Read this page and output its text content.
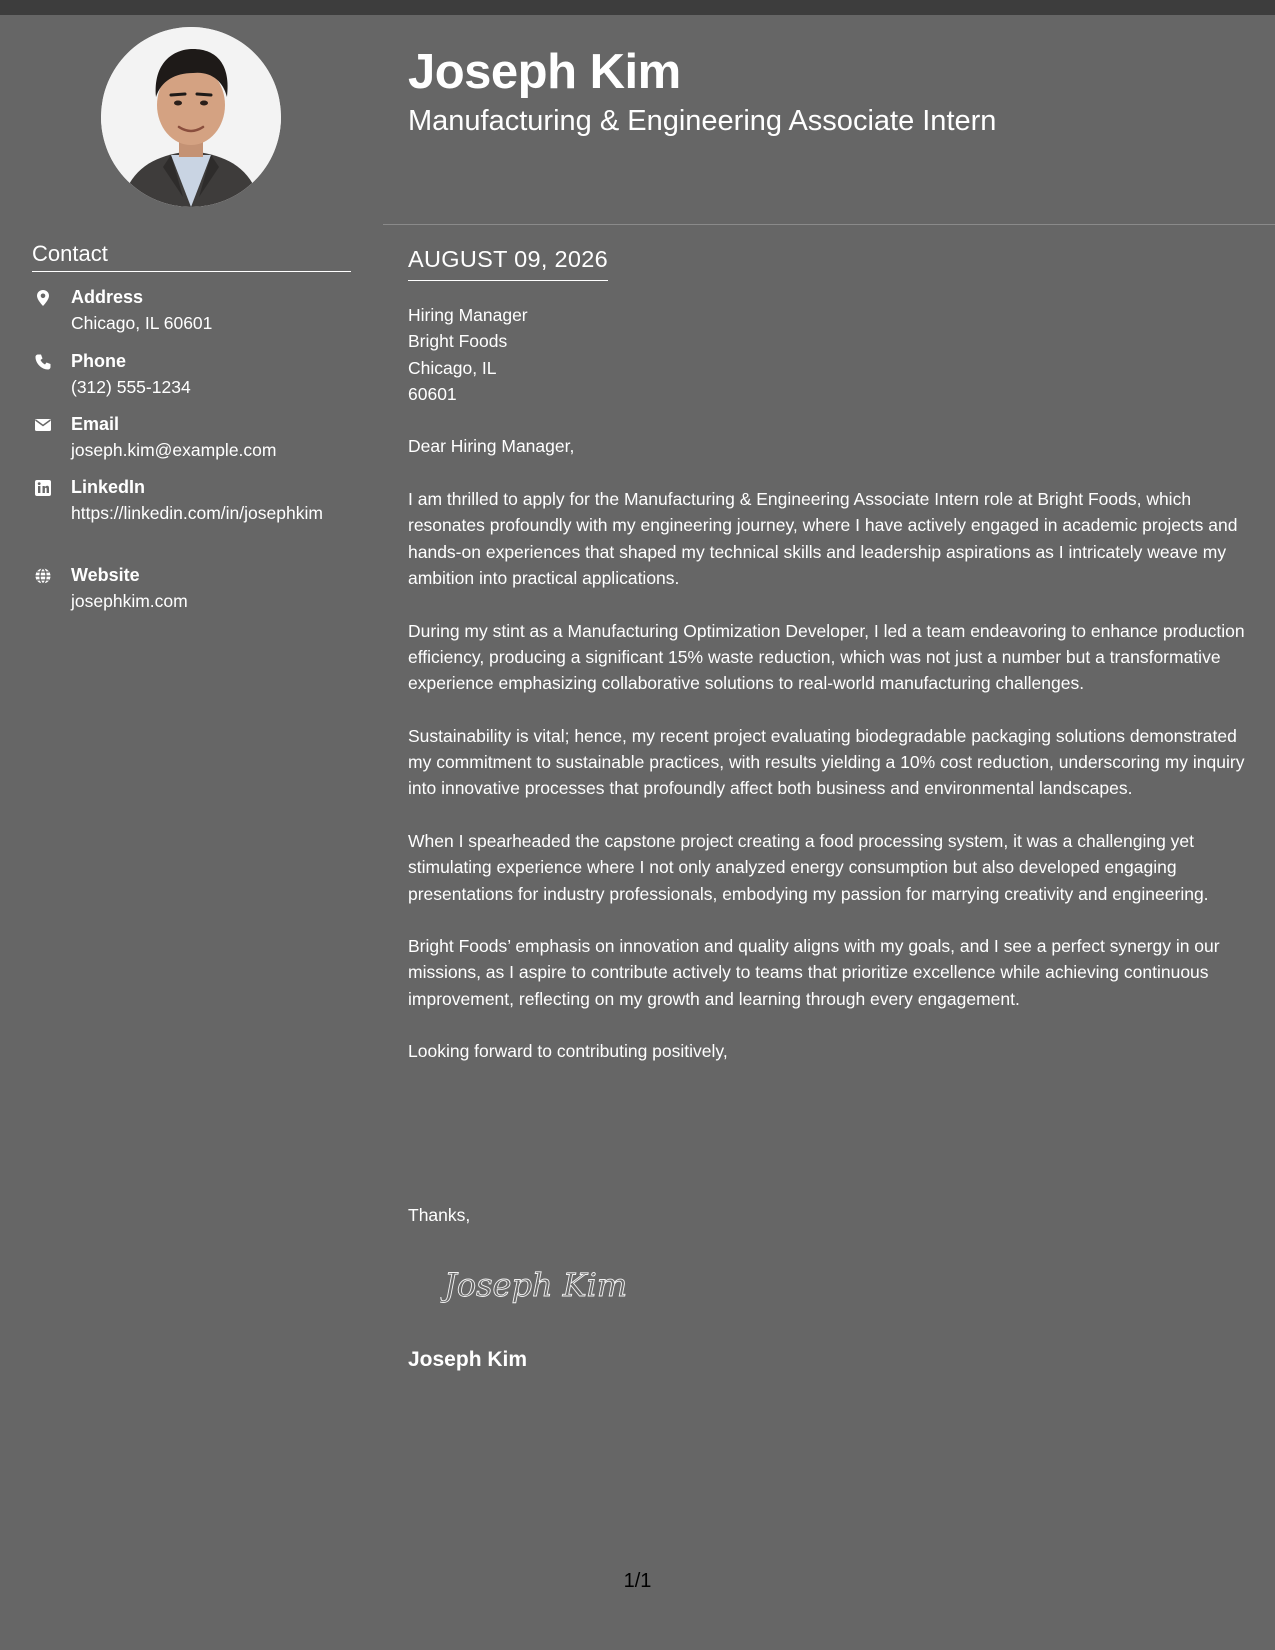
Contact
Address
Chicago, IL 60601
Phone
(312) 555-1234
Email
joseph.kim@example.com
LinkedIn
https://linkedin.com/in/josephkim
Website
josephkim.com
Joseph Kim
Manufacturing & Engineering Associate Intern
AUGUST 09, 2026
Hiring Manager
Bright Foods
Chicago, IL
60601

Dear Hiring Manager,

I am thrilled to apply for the Manufacturing & Engineering Associate Intern role at Bright Foods, which resonates profoundly with my engineering journey, where I have actively engaged in academic projects and hands-on experiences that shaped my technical skills and leadership aspirations as I intricately weave my ambition into practical applications.

During my stint as a Manufacturing Optimization Developer, I led a team endeavoring to enhance production efficiency, producing a significant 15% waste reduction, which was not just a number but a transformative experience emphasizing collaborative solutions to real-world manufacturing challenges.

Sustainability is vital; hence, my recent project evaluating biodegradable packaging solutions demonstrated my commitment to sustainable practices, with results yielding a 10% cost reduction, underscoring my inquiry into innovative processes that profoundly affect both business and environmental landscapes.

When I spearheaded the capstone project creating a food processing system, it was a challenging yet stimulating experience where I not only analyzed energy consumption but also developed engaging presentations for industry professionals, embodying my passion for marrying creativity and engineering.

Bright Foods’ emphasis on innovation and quality aligns with my goals, and I see a perfect synergy in our missions, as I aspire to contribute actively to teams that prioritize excellence while achieving continuous improvement, reflecting on my growth and learning through every engagement.

Looking forward to contributing positively,

Thanks,
Joseph Kim
Joseph Kim
1/1
